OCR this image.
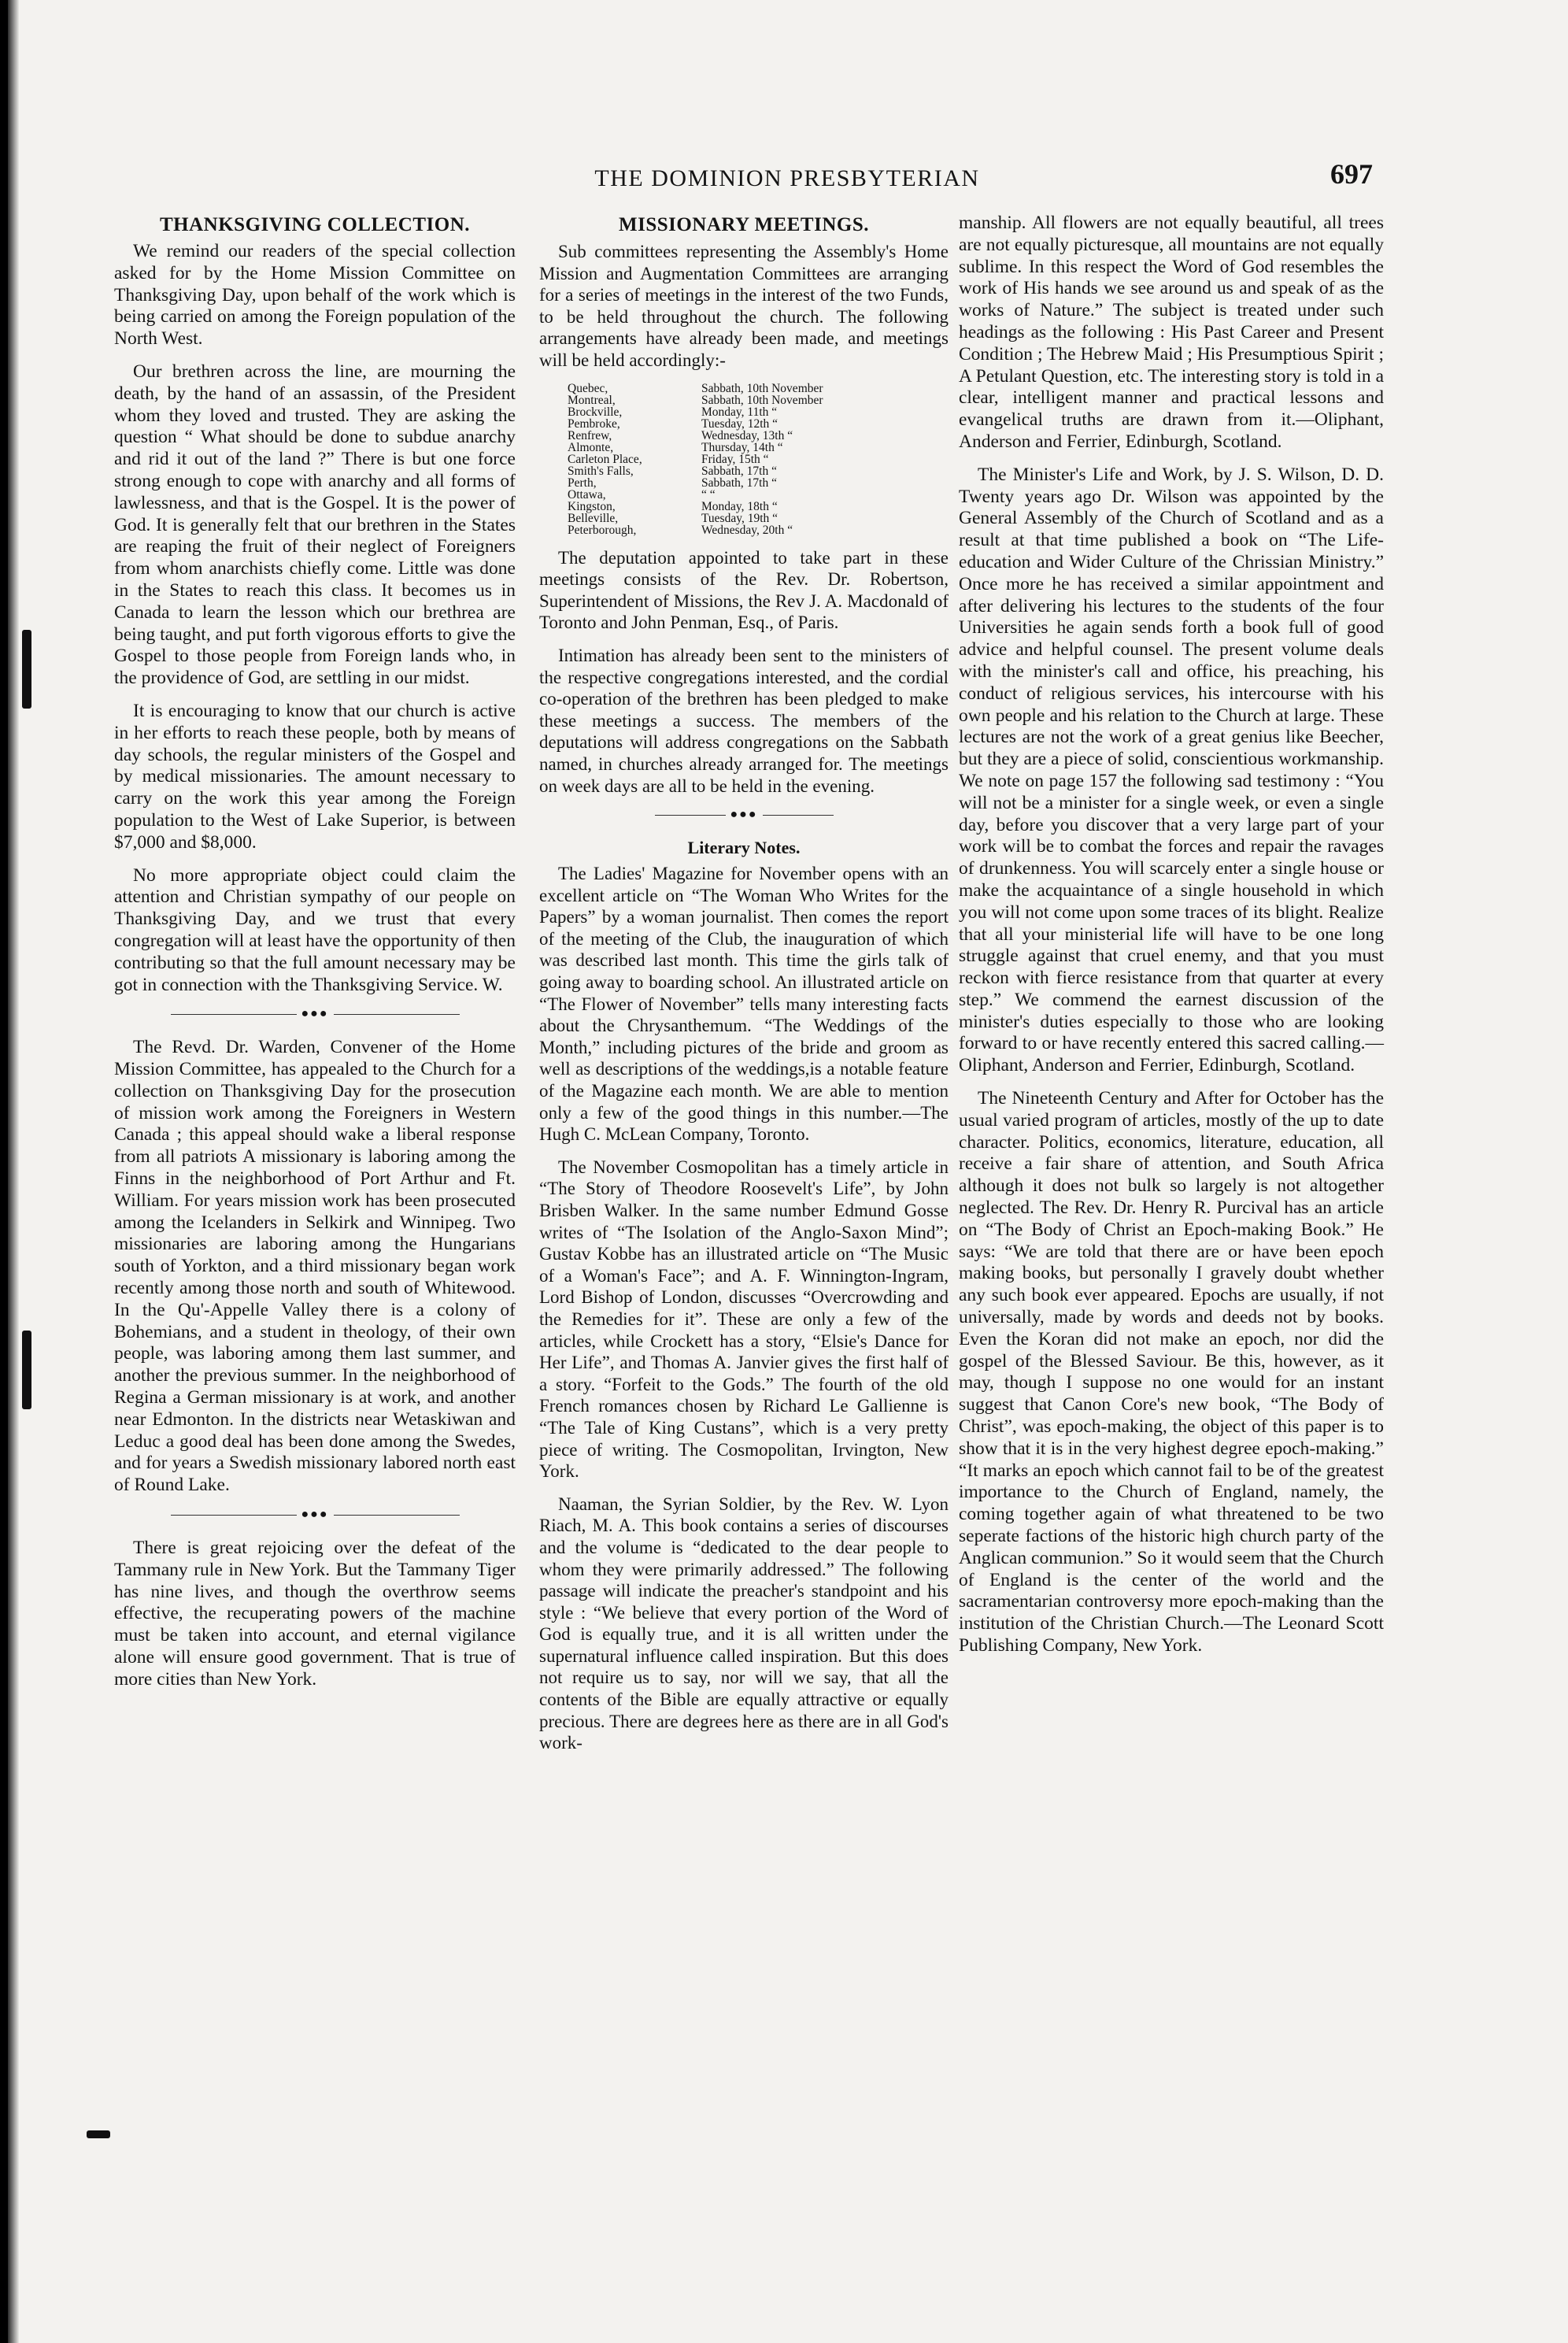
THE DOMINION PRESBYTERIAN	697
THANKSGIVING COLLECTION.

We remind our readers of the special collection asked for by the Home Mission Committee on Thanksgiving Day, upon behalf of the work which is being carried on among the Foreign population of the North West.

Our brethren across the line, are mourning the death, by the hand of an assassin, of the President whom they loved and trusted. They are asking the question “ What should be done to subdue anarchy and rid it out of the land ?” There is but one force strong enough to cope with anarchy and all forms of lawlessness, and that is the Gospel. It is the power of God. It is generally felt that our brethren in the States are reaping the fruit of their neglect of Foreigners from whom anarchists chiefly come. Little was done in the States to reach this class. It becomes us in Canada to learn the lesson which our brethrea are being taught, and put forth vigorous efforts to give the Gospel to those people from Foreign lands who, in the providence of God, are settling in our midst.

It is encouraging to know that our church is active in her efforts to reach these people, both by means of day schools, the regular ministers of the Gospel and by medical missionaries. The amount necessary to carry on the work this year among the Foreign population to the West of Lake Superior, is between $7,000 and $8,000.

No more appropriate object could claim the attention and Christian sympathy of our people on Thanksgiving Day, and we trust that every congregation will at least have the opportunity of then contributing so that the full amount necessary may be got in connection with the Thanksgiving Service. W.

●●●

The Revd. Dr. Warden, Convener of the Home Mission Committee, has appealed to the Church for a collection on Thanksgiving Day for the prosecution of mission work among the Foreigners in Western Canada ; this appeal should wake a liberal response from all patriots A missionary is laboring among the Finns in the neighborhood of Port Arthur and Ft. William. For years mission work has been prosecuted among the Icelanders in Selkirk and Winnipeg. Two missionaries are laboring among the Hungarians south of Yorkton, and a third missionary began work recently among those north and south of Whitewood. In the Qu'-Appelle Valley there is a colony of Bohemians, and a student in theology, of their own people, was laboring among them last summer, and another the previous summer. In the neighborhood of Regina a German missionary is at work, and another near Edmonton. In the districts near Wetaskiwan and Leduc a good deal has been done among the Swedes, and for years a Swedish missionary labored north east of Round Lake.

●●●

There is great rejoicing over the defeat of the Tammany rule in New York. But the Tammany Tiger has nine lives, and though the overthrow seems effective, the recuperating powers of the machine must be taken into account, and eternal vigilance alone will ensure good government. That is true of more cities than New York.

MISSIONARY MEETINGS.

Sub committees representing the Assembly's Home Mission and Augmentation Committees are arranging for a series of meetings in the interest of the two Funds, to be held throughout the church. The following arrangements have already been made, and meetings will be held accordingly:-

Quebec,	Sabbath, 10th November
Montreal,	Sabbath, 10th November
Brockville,	Monday, 11th “
Pembroke,	Tuesday, 12th “
Renfrew,	Wednesday, 13th “
Almonte,	Thursday, 14th “
Carleton Place,	Friday, 15th “
Smith's Falls,	Sabbath, 17th “
Perth,	Sabbath, 17th “
Ottawa,	“ “
Kingston,	Monday, 18th “
Belleville,	Tuesday, 19th “
Peterborough,	Wednesday, 20th “

The deputation appointed to take part in these meetings consists of the Rev. Dr. Robertson, Superintendent of Missions, the Rev J. A. Macdonald of Toronto and John Penman, Esq., of Paris.

Intimation has already been sent to the ministers of the respective congregations interested, and the cordial co-operation of the brethren has been pledged to make these meetings a success. The members of the deputations will address congregations on the Sabbath named, in churches already arranged for. The meetings on week days are all to be held in the evening.

●●●
Literary Notes.

The Ladies' Magazine for November opens with an excellent article on “The Woman Who Writes for the Papers” by a woman journalist. Then comes the report of the meeting of the Club, the inauguration of which was described last month. This time the girls talk of going away to boarding school. An illustrated article on “The Flower of November” tells many interesting facts about the Chrysanthemum. “The Weddings of the Month,” including pictures of the bride and groom as well as descriptions of the weddings,is a notable feature of the Magazine each month. We are able to mention only a few of the good things in this number.—The Hugh C. McLean Company, Toronto.

The November Cosmopolitan has a timely article in “The Story of Theodore Roosevelt's Life”, by John Brisben Walker. In the same number Edmund Gosse writes of “The Isolation of the Anglo-Saxon Mind”; Gustav Kobbe has an illustrated article on “The Music of a Woman's Face”; and A. F. Winnington-Ingram, Lord Bishop of London, discusses “Overcrowding and the Remedies for it”. These are only a few of the articles, while Crockett has a story, “Elsie's Dance for Her Life”, and Thomas A. Janvier gives the first half of a story. “Forfeit to the Gods.” The fourth of the old French romances chosen by Richard Le Gallienne is “The Tale of King Custans”, which is a very pretty piece of writing. The Cosmopolitan, Irvington, New York.

Naaman, the Syrian Soldier, by the Rev. W. Lyon Riach, M. A. This book contains a series of discourses and the volume is “dedicated to the dear people to whom they were primarily addressed.” The following passage will indicate the preacher's standpoint and his style : “We believe that every portion of the Word of God is equally true, and it is all written under the supernatural influence called inspiration. But this does not require us to say, nor will we say, that all the contents of the Bible are equally attractive or equally precious. There are degrees here as there are in all God's work-

manship. All flowers are not equally beautiful, all trees are not equally picturesque, all mountains are not equally sublime. In this respect the Word of God resembles the work of His hands we see around us and speak of as the works of Nature.” The subject is treated under such headings as the following : His Past Career and Present Condition ; The Hebrew Maid ; His Presumptious Spirit ; A Petulant Question, etc. The interesting story is told in a clear, intelligent manner and practical lessons and evangelical truths are drawn from it.—Oliphant, Anderson and Ferrier, Edinburgh, Scotland.

The Minister's Life and Work, by J. S. Wilson, D. D. Twenty years ago Dr. Wilson was appointed by the General Assembly of the Church of Scotland and as a result at that time published a book on “The Life-education and Wider Culture of the Chrissian Ministry.” Once more he has received a similar appointment and after delivering his lectures to the students of the four Universities he again sends forth a book full of good advice and helpful counsel. The present volume deals with the minister's call and office, his preaching, his conduct of religious services, his intercourse with his own people and his relation to the Church at large. These lectures are not the work of a great genius like Beecher, but they are a piece of solid, conscientious workmanship. We note on page 157 the following sad testimony : “You will not be a minister for a single week, or even a single day, before you discover that a very large part of your work will be to combat the forces and repair the ravages of drunkenness. You will scarcely enter a single house or make the acquaintance of a single household in which you will not come upon some traces of its blight. Realize that all your ministerial life will have to be one long struggle against that cruel enemy, and that you must reckon with fierce resistance from that quarter at every step.” We commend the earnest discussion of the minister's duties especially to those who are looking forward to or have recently entered this sacred calling.—Oliphant, Anderson and Ferrier, Edinburgh, Scotland.

The Nineteenth Century and After for October has the usual varied program of articles, mostly of the up to date character. Politics, economics, literature, education, all receive a fair share of attention, and South Africa although it does not bulk so largely is not altogether neglected. The Rev. Dr. Henry R. Purcival has an article on “The Body of Christ an Epoch-making Book.” He says: “We are told that there are or have been epoch making books, but personally I gravely doubt whether any such book ever appeared. Epochs are usually, if not universally, made by words and deeds not by books. Even the Koran did not make an epoch, nor did the gospel of the Blessed Saviour. Be this, however, as it may, though I suppose no one would for an instant suggest that Canon Core's new book, “The Body of Christ”, was epoch-making, the object of this paper is to show that it is in the very highest degree epoch-making.” “It marks an epoch which cannot fail to be of the greatest importance to the Church of England, namely, the coming together again of what threatened to be two seperate factions of the historic high church party of the Anglican communion.” So it would seem that the Church of England is the center of the world and the sacramentarian controversy more epoch-making than the institution of the Christian Church.—The Leonard Scott Publishing Company, New York.
